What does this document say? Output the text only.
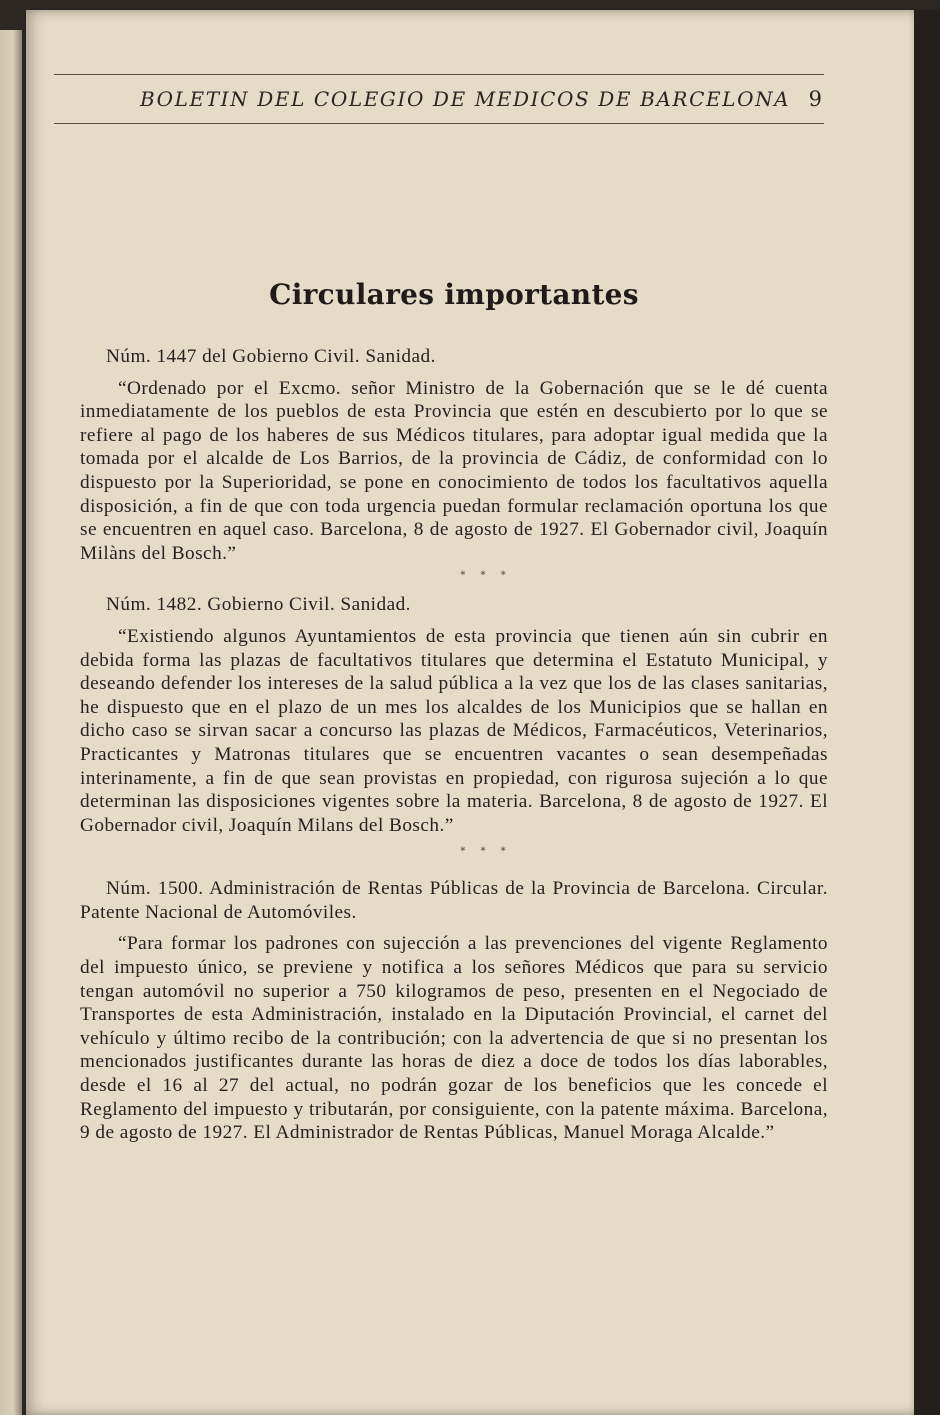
BOLETIN DEL COLEGIO DE MEDICOS DE BARCELONA 9
Circulares importantes

Núm. 1447 del Gobierno Civil. Sanidad.

“Ordenado por el Excmo. señor Ministro de la Gobernación que se le dé cuenta inmediatamente de los pueblos de esta Provincia que estén en descubierto por lo que se refiere al pago de los haberes de sus Médicos titulares, para adoptar igual medida que la tomada por el alcalde de Los Barrios, de la provincia de Cádiz, de conformidad con lo dispuesto por la Superioridad, se pone en conocimiento de todos los facultativos aquella disposición, a fin de que con toda urgencia puedan formular reclamación oportuna los que se encuentren en aquel caso. Barcelona, 8 de agosto de 1927. El Gobernador civil, Joaquín Milàns del Bosch.”

* * *

Núm. 1482. Gobierno Civil. Sanidad.

“Existiendo algunos Ayuntamientos de esta provincia que tienen aún sin cubrir en debida forma las plazas de facultativos titulares que determina el Estatuto Municipal, y deseando defender los intereses de la salud pública a la vez que los de las clases sanitarias, he dispuesto que en el plazo de un mes los alcaldes de los Municipios que se hallan en dicho caso se sirvan sacar a concurso las plazas de Médicos, Farmacéuticos, Veterinarios, Practicantes y Matronas titulares que se encuentren vacantes o sean desempeñadas interinamente, a fin de que sean provistas en propiedad, con rigurosa sujeción a lo que determinan las disposiciones vigentes sobre la materia. Barcelona, 8 de agosto de 1927. El Gobernador civil, Joaquín Milans del Bosch.”

* * *

Núm. 1500. Administración de Rentas Públicas de la Provincia de Barcelona. Circular. Patente Nacional de Automóviles.

“Para formar los padrones con sujección a las prevenciones del vigente Reglamento del impuesto único, se previene y notifica a los señores Médicos que para su servicio tengan automóvil no superior a 750 kilogramos de peso, presenten en el Negociado de Transportes de esta Administración, instalado en la Diputación Provincial, el carnet del vehículo y último recibo de la contribución; con la advertencia de que si no presentan los mencionados justificantes durante las horas de diez a doce de todos los días laborables, desde el 16 al 27 del actual, no podrán gozar de los beneficios que les concede el Reglamento del impuesto y tributarán, por consiguiente, con la patente máxima. Barcelona, 9 de agosto de 1927. El Administrador de Rentas Públicas, Manuel Moraga Alcalde.”
